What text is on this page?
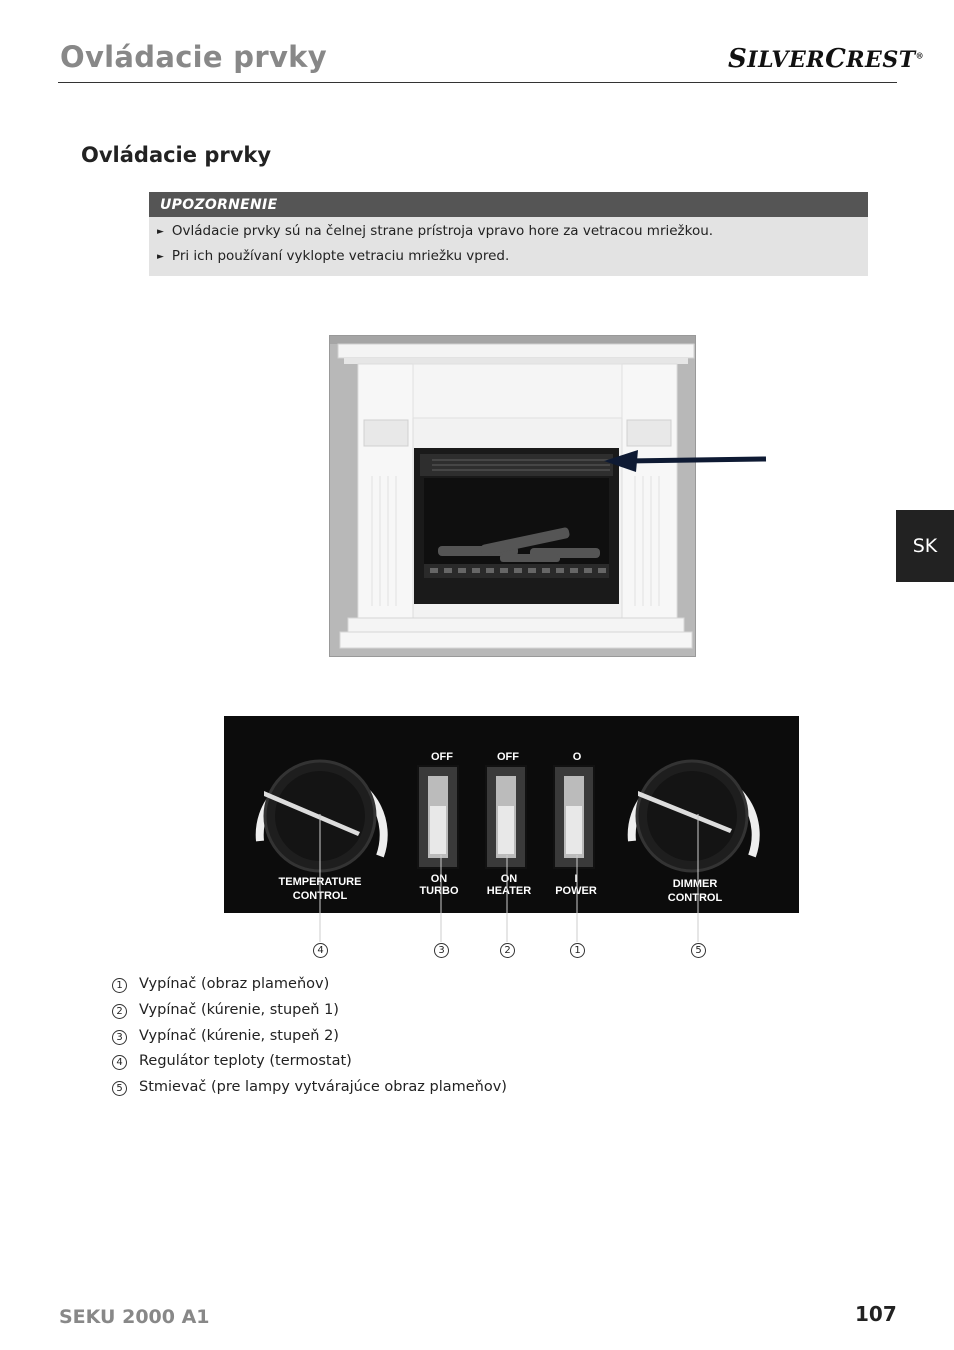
Ovládacie prvky	SILVERCREST®
Ovládacie prvky
UPOZORNENIE
► Ovládacie prvky sú na čelnej strane prístroja vpravo hore za vetracou mriežkou.
► Pri ich používaní vyklopte vetraciu mriežku vpred.
TEMPERATURE
CONTROL
DIMMER
CONTROL
OFF	OFF	O
ON
TURBO
ON
HEATER
I
POWER
4	3	2	1	5
1 Vypínač (obraz plameňov)
2 Vypínač (kúrenie, stupeň 1)
3 Vypínač (kúrenie, stupeň 2)
4 Regulátor teploty (termostat)
5 Stmievač (pre lampy vytvárajúce obraz plameňov)
SK
SEKU 2000 A1	107
